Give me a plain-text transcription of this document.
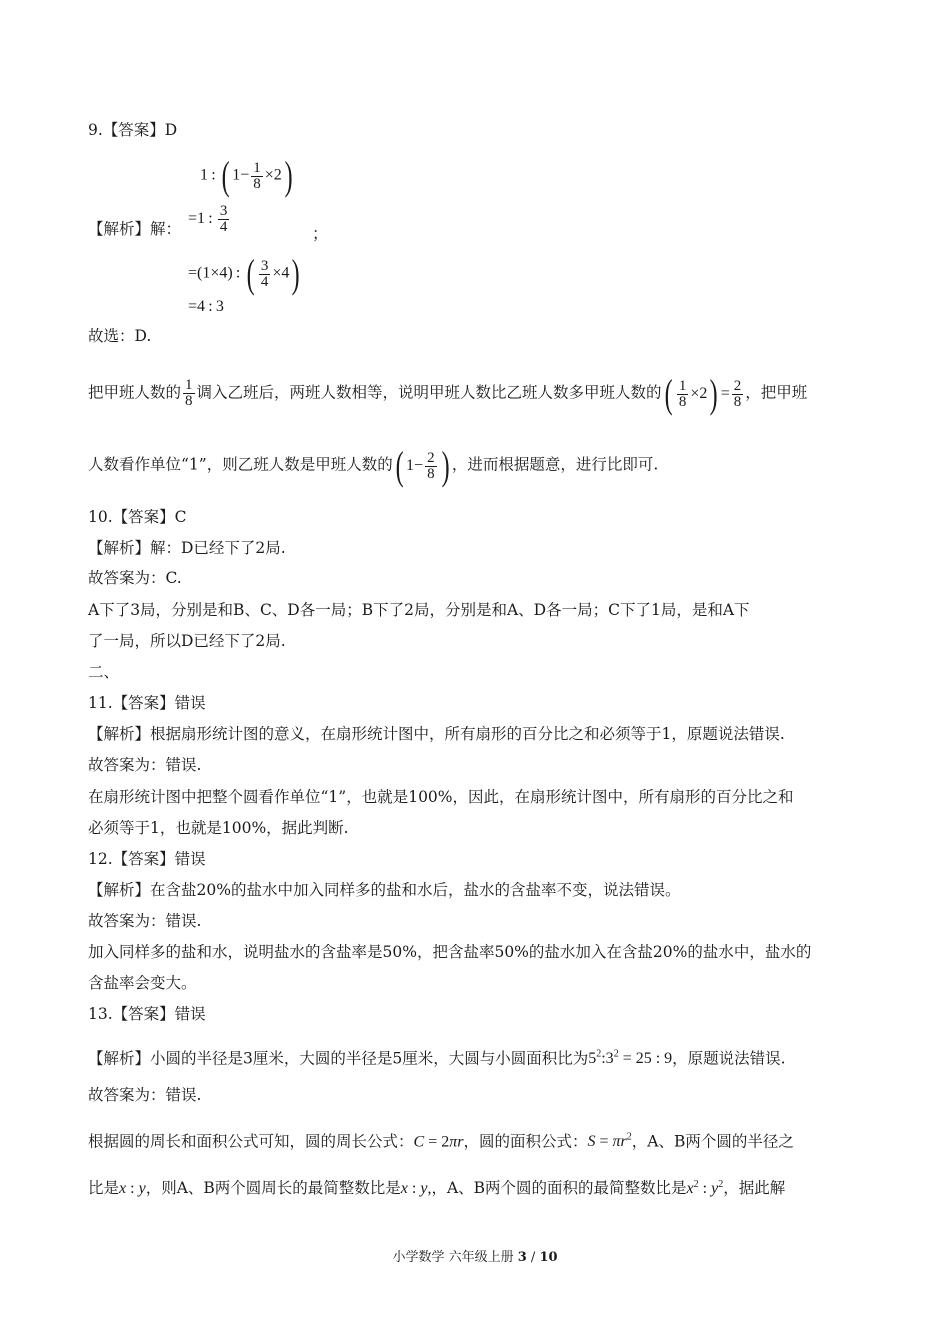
9.【答案】D
1 : ( $1- \frac{1}{8} \times 2$)
【解析】解：
=1 :  $\frac{3}{4}$	；
=(1×4) : ( $\frac{3}{4} \times 4$)
=4 : 3
故选：D.
把甲班人数的 $\frac{1}{8}$ 调入乙班后，两班人数相等，说明甲班人数比乙班人数多甲班人数的( $\frac{1}{8} \times 2) = \frac{2}{8}$ ，把甲班
人数看作单位“1”，则乙班人数是甲班人数的( $1- \frac{2}{8}$ ) ，进而根据题意，进行比即可.
10.【答案】C
【解析】解：D已经下了2局.
故答案为：C.
A下了3局，分别是和B、C、D各一局；B下了2局，分别是和A、D各一局；C下了1局，是和A下
了一局，所以D已经下了2局.
二、
11.【答案】错误
【解析】根据扇形统计图的意义，在扇形统计图中，所有扇形的百分比之和必须等于1，原题说法错误.
故答案为：错误.
在扇形统计图中把整个圆看作单位“1”，也就是100%，因此，在扇形统计图中，所有扇形的百分比之和
必须等于1，也就是100%，据此判断.
12.【答案】错误
【解析】在含盐20%的盐水中加入同样多的盐和水后，盐水的含盐率不变，说法错误。
故答案为：错误.
加入同样多的盐和水，说明盐水的含盐率是50%，把含盐率50%的盐水加入在含盐20%的盐水中，盐水的
含盐率会变大。
13.【答案】错误
【解析】小圆的半径是3厘米，大圆的半径是5厘米，大圆与小圆面积比为$5^2:3^2 = 25$ : 9，原题说法错误.
故答案为：错误.
根据圆的周长和面积公式可知，圆的周长公式：C = 2πr，圆的面积公式：$S = \pi r^2$，A、B两个圆的半径之
比是x : y，则A、B两个圆周长的最简整数比是x : y,，A、B两个圆的面积的最简整数比是$x^2$ : $y^2$，据此解
小学数学 六年级上册 3 / 10
